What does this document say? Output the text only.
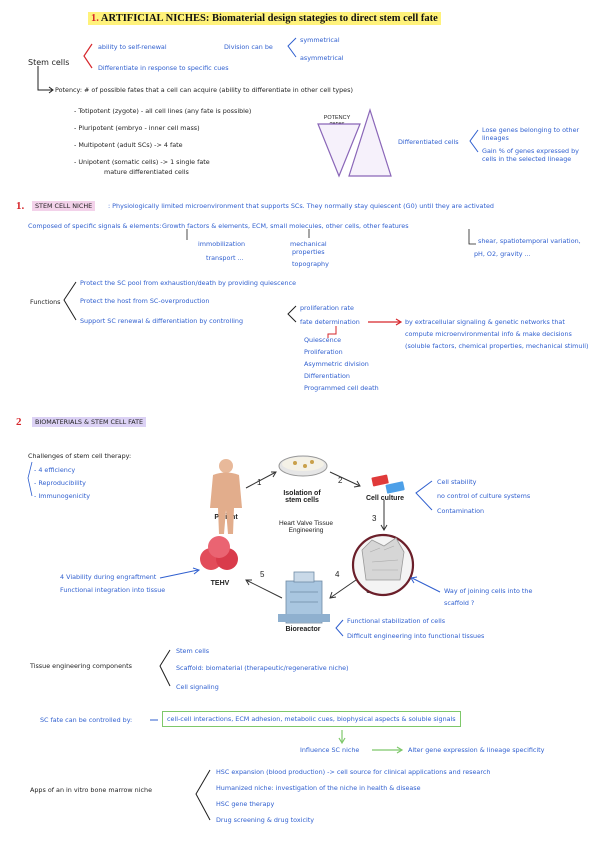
1. ARTIFICIAL NICHES: Biomaterial design stategies to direct stem cell fate
Stem cells
ability to self-renewal	Division can be
symmetrical
asymmetrical
Differentiate in response to specific cues
Potency: # of possible fates that a cell can acquire (ability to differentiate in other cell types)
- Totipotent (zygote) - all cell lines (any fate is possible)
- Pluripotent (embryo - inner cell mass)
- Multipotent (adult SCs) -> 4 fate
- Unipotent (somatic cells) -> 1 single fate
mature differentiated cells
POTENCY
Differentiated cells
Lose genes belonging to other lineages
Gain % of genes expressed by cells in the selected lineage
1.	STEM CELL NICHE	: Physiologically limited microenvironment that supports SCs. They normally stay quiescent (G0) until they are activated
Composed of specific signals & elements: Growth factors & elements, ECM, small molecules, other cells, other features
immobilization
transport ...
mechanical
properties
topography
shear, spatiotemporal variation,
pH, O2, gravity ...
Functions
Protect the SC pool from exhaustion/death by providing quiescence
Protect the host from SC-overproduction
Support SC renewal & differentiation by controlling
proliferation rate
fate determination	by extracellular signaling & genetic networks that
compute microenvironmental info & make decisions
(soluble factors, chemical properties, mechanical stimuli)
Quiescence
Proliferation
Asymmetric division
Differentiation
Programmed cell death
2	BIOMATERIALS & STEM CELL FATE
Challenges of stem cell therapy:
- 4 efficiency
- Reproducibility
- Immunogenicity
Patient
Isolation of stem cells	Cell culture
Heart Valve Tissue Engineering
Bioreactor
TEHV
1	2
3
4
5
Cell stability
no control of culture systems
Contamination
4 Viability during engraftment
Functional integration into tissue	Way of joining cells into the
scaffold ?
Functional stabilization of cells
Difficult engineering into functional tissues
Tissue engineering components
Stem cells
Scaffold: biomaterial (therapeutic/regenerative niche)
Cell signaling
SC fate can be controlled by:	cell-cell interactions, ECM adhesion, metabolic cues, biophysical aspects & soluble signals
Influence SC niche	Alter gene expression & lineage specificity
Apps of an in vitro bone marrow niche
HSC expansion (blood production) -> cell source for clinical applications and research
Humanized niche: investigation of the niche in health & disease
HSC gene therapy
Drug screening & drug toxicity
